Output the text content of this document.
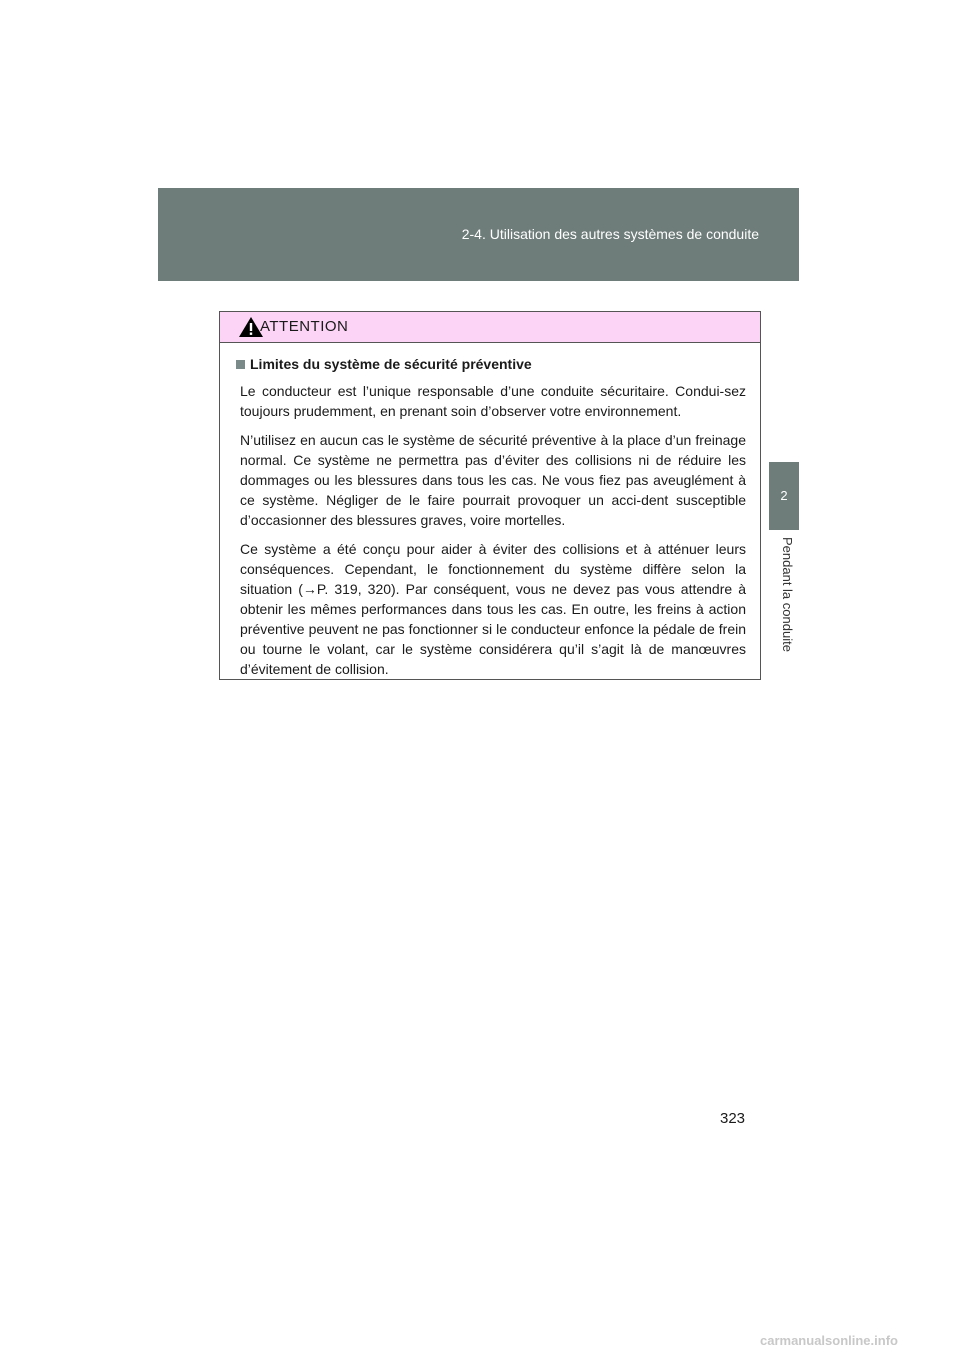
2-4. Utilisation des autres systèmes de conduite
2
Pendant la conduite
ATTENTION
Limites du système de sécurité préventive

Le conducteur est l’unique responsable d’une conduite sécuritaire. Condui-sez toujours prudemment, en prenant soin d’observer votre environnement.

N’utilisez en aucun cas le système de sécurité préventive à la place d’un freinage normal. Ce système ne permettra pas d’éviter des collisions ni de réduire les dommages ou les blessures dans tous les cas. Ne vous fiez pas aveuglément à ce système. Négliger de le faire pourrait provoquer un acci-dent susceptible d’occasionner des blessures graves, voire mortelles.

Ce système a été conçu pour aider à éviter des collisions et à atténuer leurs conséquences. Cependant, le fonctionnement du système diffère selon la situation (→P. 319, 320). Par conséquent, vous ne devez pas vous attendre à obtenir les mêmes performances dans tous les cas. En outre, les freins à action préventive peuvent ne pas fonctionner si le conducteur enfonce la pédale de frein ou tourne le volant, car le système considérera qu’il s’agit là de manœuvres d’évitement de collision.

323
carmanualsonline.info
